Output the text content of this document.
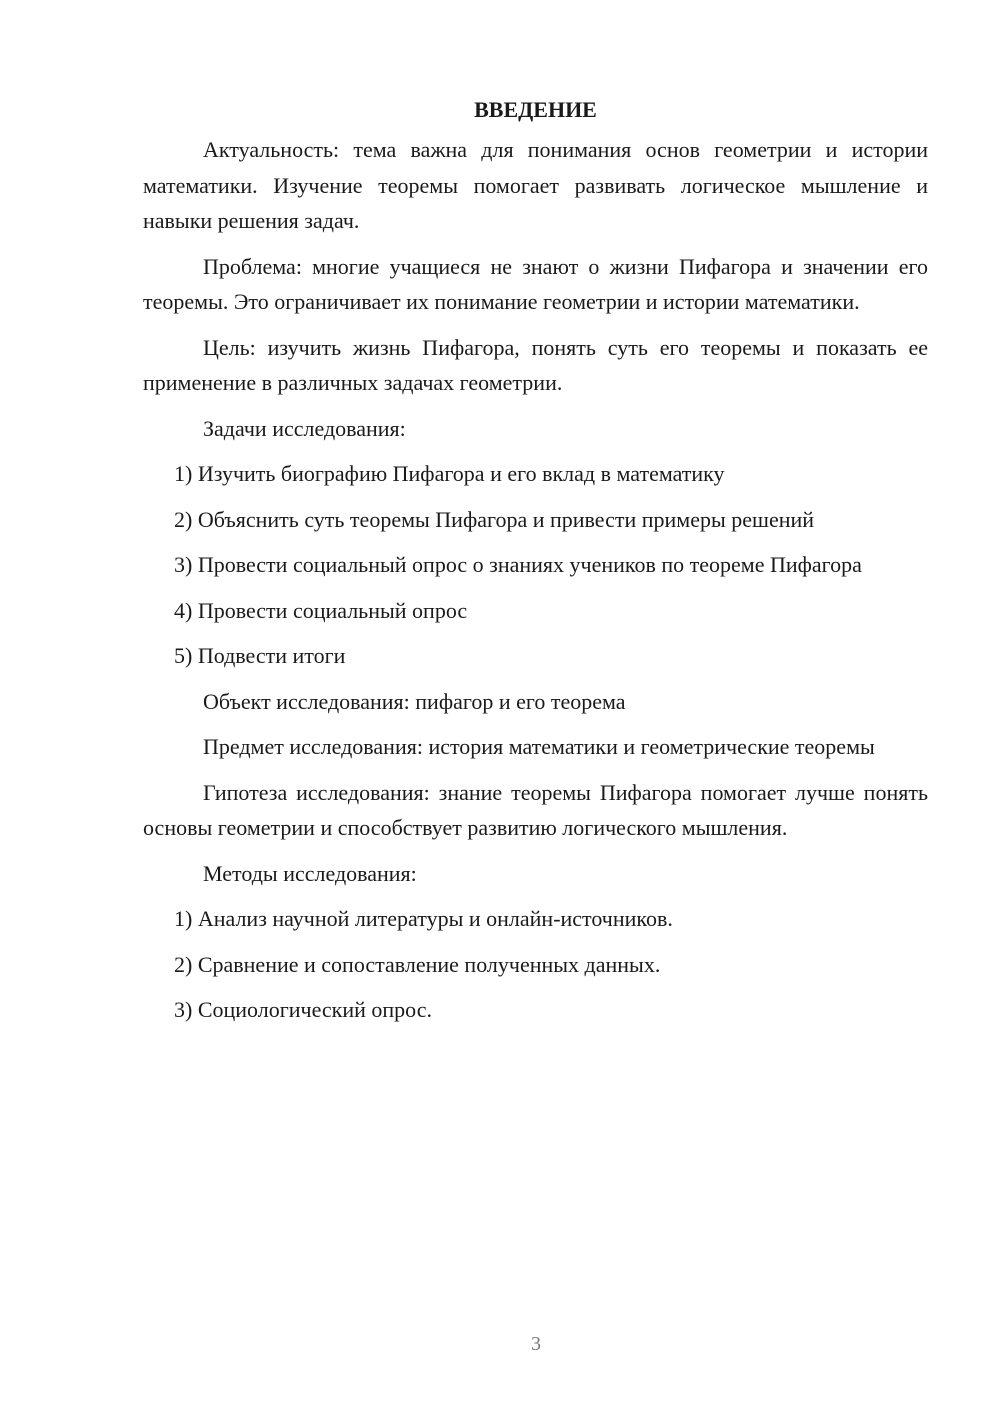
ВВЕДЕНИЕ

Актуальность: тема важна для понимания основ геометрии и истории математики. Изучение теоремы помогает развивать логическое мышление и навыки решения задач.

Проблема: многие учащиеся не знают о жизни Пифагора и значении его теоремы. Это ограничивает их понимание геометрии и истории математики.

Цель: изучить жизнь Пифагора, понять суть его теоремы и показать ее применение в различных задачах геометрии.

Задачи исследования:

1) Изучить биографию Пифагора и его вклад в математику

2) Объяснить суть теоремы Пифагора и привести примеры решений

3) Провести социальный опрос о знаниях учеников по теореме Пифагора

4) Провести социальный опрос

5) Подвести итоги

Объект исследования: пифагор и его теорема

Предмет исследования: история математики и геометрические теоремы

Гипотеза исследования: знание теоремы Пифагора помогает лучше понять основы геометрии и способствует развитию логического мышления.

Методы исследования:

1) Анализ научной литературы и онлайн-источников.

2) Сравнение и сопоставление полученных данных.

3) Социологический опрос.

3
